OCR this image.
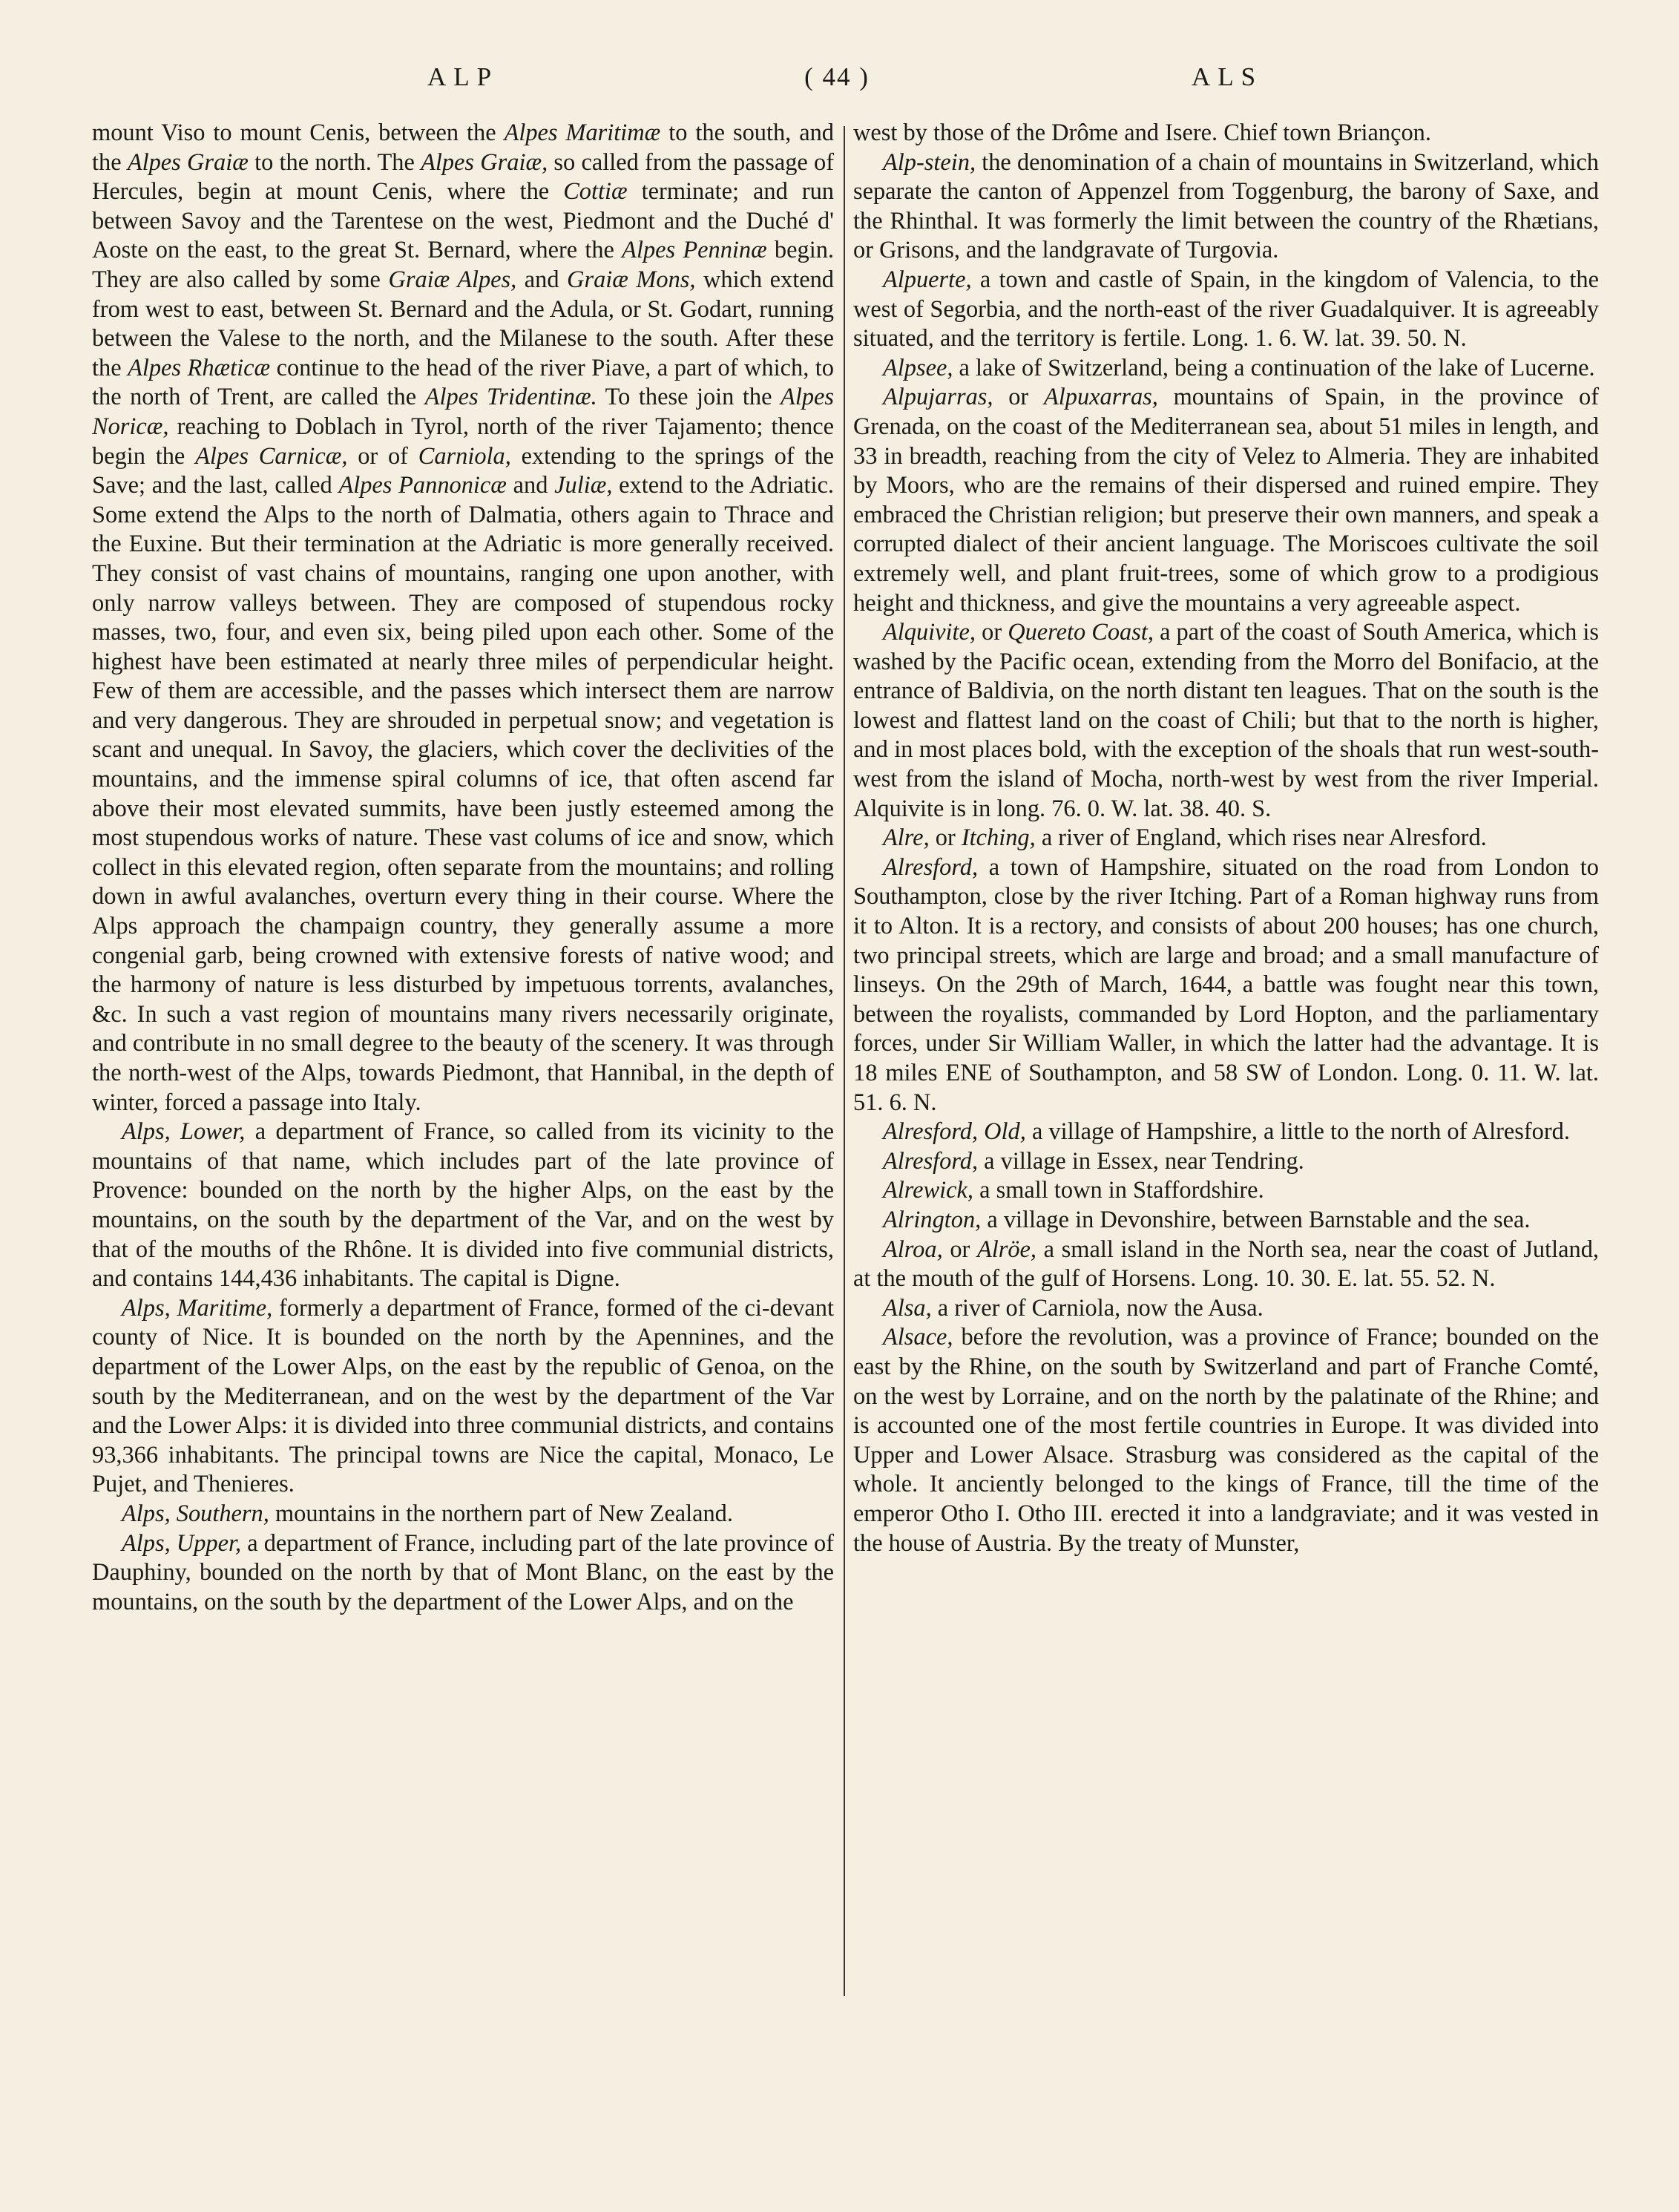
ALP	( 44 )	ALS

mount Viso to mount Cenis, between the Alpes Maritimæ to the south, and the Alpes Graiæ to the north. The Alpes Graiæ, so called from the passage of Hercules, begin at mount Cenis, where the Cottiæ terminate; and run between Savoy and the Tarentese on the west, Piedmont and the Duché d' Aoste on the east, to the great St. Bernard, where the Alpes Penninæ begin. They are also called by some Graiæ Alpes, and Graiæ Mons, which extend from west to east, between St. Bernard and the Adula, or St. Godart, running between the Valese to the north, and the Milanese to the south. After these the Alpes Rhæticæ continue to the head of the river Piave, a part of which, to the north of Trent, are called the Alpes Tridentinæ. To these join the Alpes Noricæ, reaching to Doblach in Tyrol, north of the river Tajamento; thence begin the Alpes Carnicæ, or of Carniola, extending to the springs of the Save; and the last, called Alpes Pannonicæ and Juliæ, extend to the Adriatic. Some extend the Alps to the north of Dalmatia, others again to Thrace and the Euxine. But their termination at the Adriatic is more generally received. They consist of vast chains of mountains, ranging one upon another, with only narrow valleys between. They are composed of stupendous rocky masses, two, four, and even six, being piled upon each other. Some of the highest have been estimated at nearly three miles of perpendicular height. Few of them are accessible, and the passes which intersect them are narrow and very dangerous. They are shrouded in perpetual snow; and vegetation is scant and unequal. In Savoy, the glaciers, which cover the declivities of the mountains, and the immense spiral columns of ice, that often ascend far above their most elevated summits, have been justly esteemed among the most stupendous works of nature. These vast colums of ice and snow, which collect in this elevated region, often separate from the mountains; and rolling down in awful avalanches, overturn every thing in their course. Where the Alps approach the champaign country, they generally assume a more congenial garb, being crowned with extensive forests of native wood; and the harmony of nature is less disturbed by impetuous torrents, avalanches, &c. In such a vast region of mountains many rivers necessarily originate, and contribute in no small degree to the beauty of the scenery. It was through the north-west of the Alps, towards Piedmont, that Hannibal, in the depth of winter, forced a passage into Italy.

Alps, Lower, a department of France, so called from its vicinity to the mountains of that name, which includes part of the late province of Provence: bounded on the north by the higher Alps, on the east by the mountains, on the south by the department of the Var, and on the west by that of the mouths of the Rhône. It is divided into five communial districts, and contains 144,436 inhabitants. The capital is Digne.

Alps, Maritime, formerly a department of France, formed of the ci-devant county of Nice. It is bounded on the north by the Apennines, and the department of the Lower Alps, on the east by the republic of Genoa, on the south by the Mediterranean, and on the west by the department of the Var and the Lower Alps: it is divided into three communial districts, and contains 93,366 inhabitants. The principal towns are Nice the capital, Monaco, Le Pujet, and Thenieres.

Alps, Southern, mountains in the northern part of New Zealand.

Alps, Upper, a department of France, including part of the late province of Dauphiny, bounded on the north by that of Mont Blanc, on the east by the mountains, on the south by the department of the Lower Alps, and on the

west by those of the Drôme and Isere. Chief town Briançon.

Alp-stein, the denomination of a chain of mountains in Switzerland, which separate the canton of Appenzel from Toggenburg, the barony of Saxe, and the Rhinthal. It was formerly the limit between the country of the Rhætians, or Grisons, and the landgravate of Turgovia.

Alpuerte, a town and castle of Spain, in the kingdom of Valencia, to the west of Segorbia, and the north-east of the river Guadalquiver. It is agreeably situated, and the territory is fertile. Long. 1. 6. W. lat. 39. 50. N.

Alpsee, a lake of Switzerland, being a continuation of the lake of Lucerne.

Alpujarras, or Alpuxarras, mountains of Spain, in the province of Grenada, on the coast of the Mediterranean sea, about 51 miles in length, and 33 in breadth, reaching from the city of Velez to Almeria. They are inhabited by Moors, who are the remains of their dispersed and ruined empire. They embraced the Christian religion; but preserve their own manners, and speak a corrupted dialect of their ancient language. The Moriscoes cultivate the soil extremely well, and plant fruit-trees, some of which grow to a prodigious height and thickness, and give the mountains a very agreeable aspect.

Alquivite, or Quereto Coast, a part of the coast of South America, which is washed by the Pacific ocean, extending from the Morro del Bonifacio, at the entrance of Baldivia, on the north distant ten leagues. That on the south is the lowest and flattest land on the coast of Chili; but that to the north is higher, and in most places bold, with the exception of the shoals that run west-south-west from the island of Mocha, north-west by west from the river Imperial. Alquivite is in long. 76. 0. W. lat. 38. 40. S.

Alre, or Itching, a river of England, which rises near Alresford.

Alresford, a town of Hampshire, situated on the road from London to Southampton, close by the river Itching. Part of a Roman highway runs from it to Alton. It is a rectory, and consists of about 200 houses; has one church, two principal streets, which are large and broad; and a small manufacture of linseys. On the 29th of March, 1644, a battle was fought near this town, between the royalists, commanded by Lord Hopton, and the parliamentary forces, under Sir William Waller, in which the latter had the advantage. It is 18 miles ENE of Southampton, and 58 SW of London. Long. 0. 11. W. lat. 51. 6. N.

Alresford, Old, a village of Hampshire, a little to the north of Alresford.

Alresford, a village in Essex, near Tendring.

Alrewick, a small town in Staffordshire.

Alrington, a village in Devonshire, between Barnstable and the sea.

Alroa, or Alröe, a small island in the North sea, near the coast of Jutland, at the mouth of the gulf of Horsens. Long. 10. 30. E. lat. 55. 52. N.

Alsa, a river of Carniola, now the Ausa.

Alsace, before the revolution, was a province of France; bounded on the east by the Rhine, on the south by Switzerland and part of Franche Comté, on the west by Lorraine, and on the north by the palatinate of the Rhine; and is accounted one of the most fertile countries in Europe. It was divided into Upper and Lower Alsace. Strasburg was considered as the capital of the whole. It anciently belonged to the kings of France, till the time of the emperor Otho I. Otho III. erected it into a landgraviate; and it was vested in the house of Austria. By the treaty of Munster,
